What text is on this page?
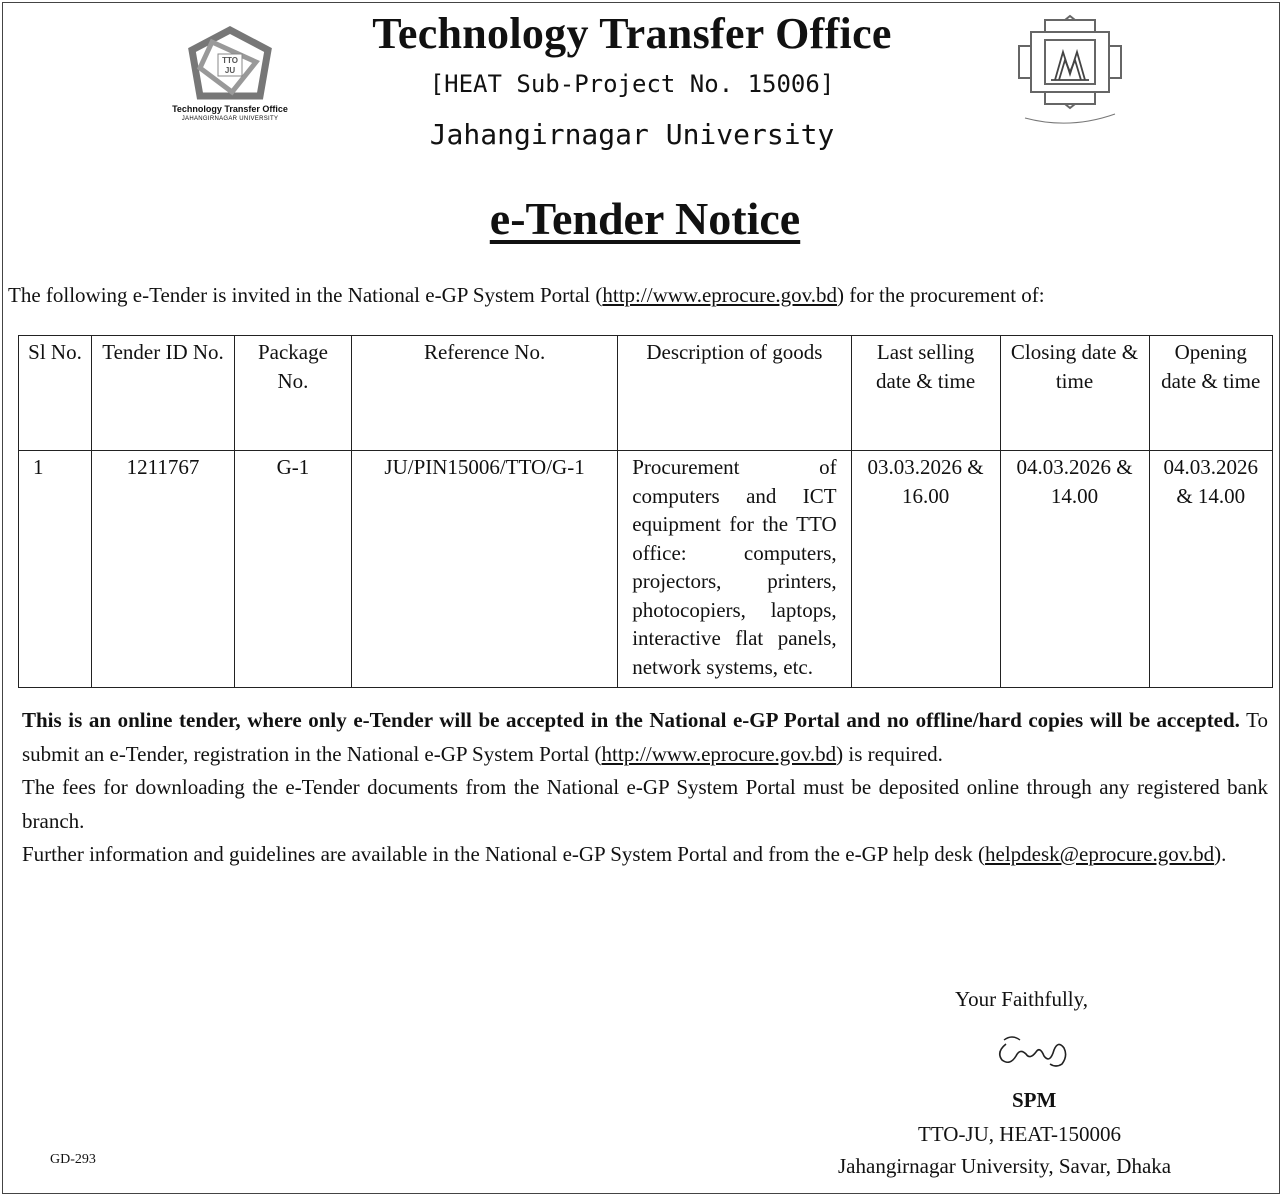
TTO
JU
Technology Transfer Office
JAHANGIRNAGAR UNIVERSITY
Technology Transfer Office
[HEAT Sub-Project No. 15006]
Jahangirnagar University
e-Tender Notice
The following e-Tender is invited in the National e-GP System Portal (http://www.eprocure.gov.bd) for the procurement of:
Sl No.	Tender ID No.	Package No.	Reference No.	Description of goods	Last selling date & time	Closing date & time	Opening date & time
1	1211767	G-1	JU/PIN15006/TTO/G-1	Procurement of computers and ICT equipment for the TTO office: computers, projectors, printers, photocopiers, laptops, interactive flat panels, network systems, etc.	03.03.2026 & 16.00	04.03.2026 & 14.00	04.03.2026 & 14.00

This is an online tender, where only e-Tender will be accepted in the National e-GP Portal and no offline/hard copies will be accepted. To submit an e-Tender, registration in the National e-GP System Portal (http://www.eprocure.gov.bd) is required.

The fees for downloading the e-Tender documents from the National e-GP System Portal must be deposited online through any registered bank branch.

Further information and guidelines are available in the National e-GP System Portal and from the e-GP help desk (helpdesk@eprocure.gov.bd).

Your Faithfully,
SPM
TTO-JU, HEAT-150006
Jahangirnagar University, Savar, Dhaka
GD-293
